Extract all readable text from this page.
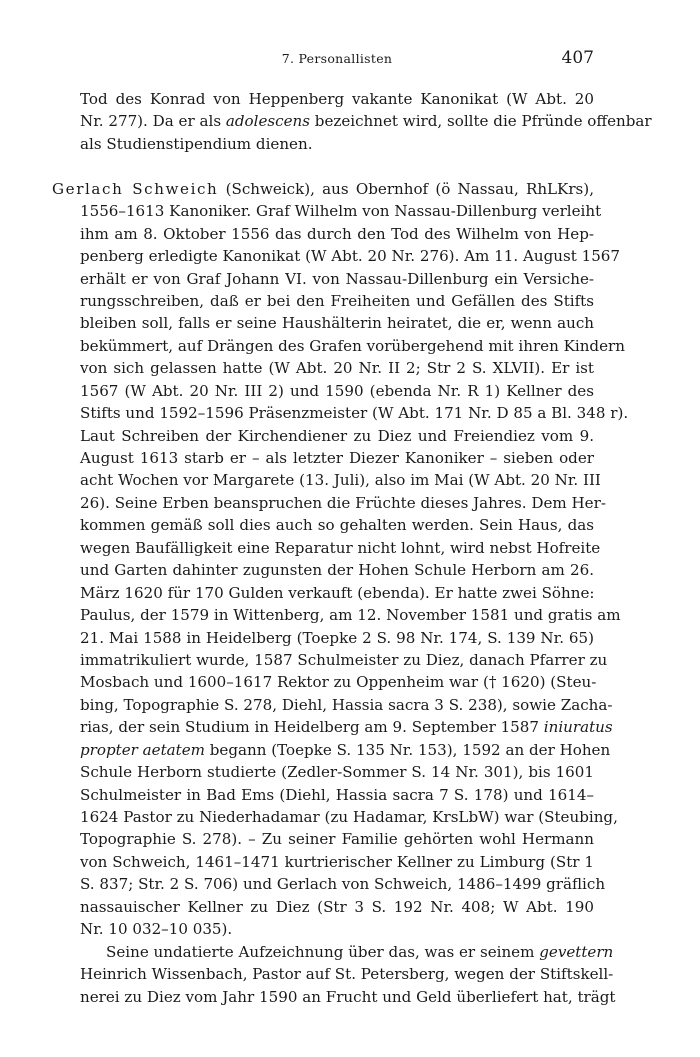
7. Personallisten	407
Tod des Konrad von Heppenberg vakante Kanonikat (W Abt. 20
Nr. 277). Da er als adolescens bezeichnet wird, sollte die Pfründe offenbar
als Studienstipendium dienen.
Gerlach Schweich (Schweick), aus Obernhof (ö Nassau, RhLKrs),
1556–1613 Kanoniker. Graf Wilhelm von Nassau-Dillenburg verleiht
ihm am 8. Oktober 1556 das durch den Tod des Wilhelm von Hep-
penberg erledigte Kanonikat (W Abt. 20 Nr. 276). Am 11. August 1567
erhält er von Graf Johann VI. von Nassau-Dillenburg ein Versiche-
rungsschreiben, daß er bei den Freiheiten und Gefällen des Stifts
bleiben soll, falls er seine Haushälterin heiratet, die er, wenn auch
bekümmert, auf Drängen des Grafen vorübergehend mit ihren Kindern
von sich gelassen hatte (W Abt. 20 Nr. II 2; Str 2 S. XLVII). Er ist
1567 (W Abt. 20 Nr. III 2) und 1590 (ebenda Nr. R 1) Kellner des
Stifts und 1592–1596 Präsenzmeister (W Abt. 171 Nr. D 85 a Bl. 348 r).
Laut Schreiben der Kirchendiener zu Diez und Freiendiez vom 9.
August 1613 starb er – als letzter Diezer Kanoniker – sieben oder
acht Wochen vor Margarete (13. Juli), also im Mai (W Abt. 20 Nr. III
26). Seine Erben beanspruchen die Früchte dieses Jahres. Dem Her-
kommen gemäß soll dies auch so gehalten werden. Sein Haus, das
wegen Baufälligkeit eine Reparatur nicht lohnt, wird nebst Hofreite
und Garten dahinter zugunsten der Hohen Schule Herborn am 26.
März 1620 für 170 Gulden verkauft (ebenda). Er hatte zwei Söhne:
Paulus, der 1579 in Wittenberg, am 12. November 1581 und gratis am
21. Mai 1588 in Heidelberg (Toepke 2 S. 98 Nr. 174, S. 139 Nr. 65)
immatrikuliert wurde, 1587 Schulmeister zu Diez, danach Pfarrer zu
Mosbach und 1600–1617 Rektor zu Oppenheim war († 1620) (Steu-
bing, Topographie S. 278, Diehl, Hassia sacra 3 S. 238), sowie Zacha-
rias, der sein Studium in Heidelberg am 9. September 1587 iniuratus
propter aetatem begann (Toepke S. 135 Nr. 153), 1592 an der Hohen
Schule Herborn studierte (Zedler-Sommer S. 14 Nr. 301), bis 1601
Schulmeister in Bad Ems (Diehl, Hassia sacra 7 S. 178) und 1614–
1624 Pastor zu Niederhadamar (zu Hadamar, KrsLbW) war (Steubing,
Topographie S. 278). – Zu seiner Familie gehörten wohl Hermann
von Schweich, 1461–1471 kurtrierischer Kellner zu Limburg (Str 1
S. 837; Str. 2 S. 706) und Gerlach von Schweich, 1486–1499 gräflich
nassauischer Kellner zu Diez (Str 3 S. 192 Nr. 408; W Abt. 190
Nr. 10 032–10 035).
Seine undatierte Aufzeichnung über das, was er seinem gevettern
Heinrich Wissenbach, Pastor auf St. Petersberg, wegen der Stiftskell-
nerei zu Diez vom Jahr 1590 an Frucht und Geld überliefert hat, trägt
